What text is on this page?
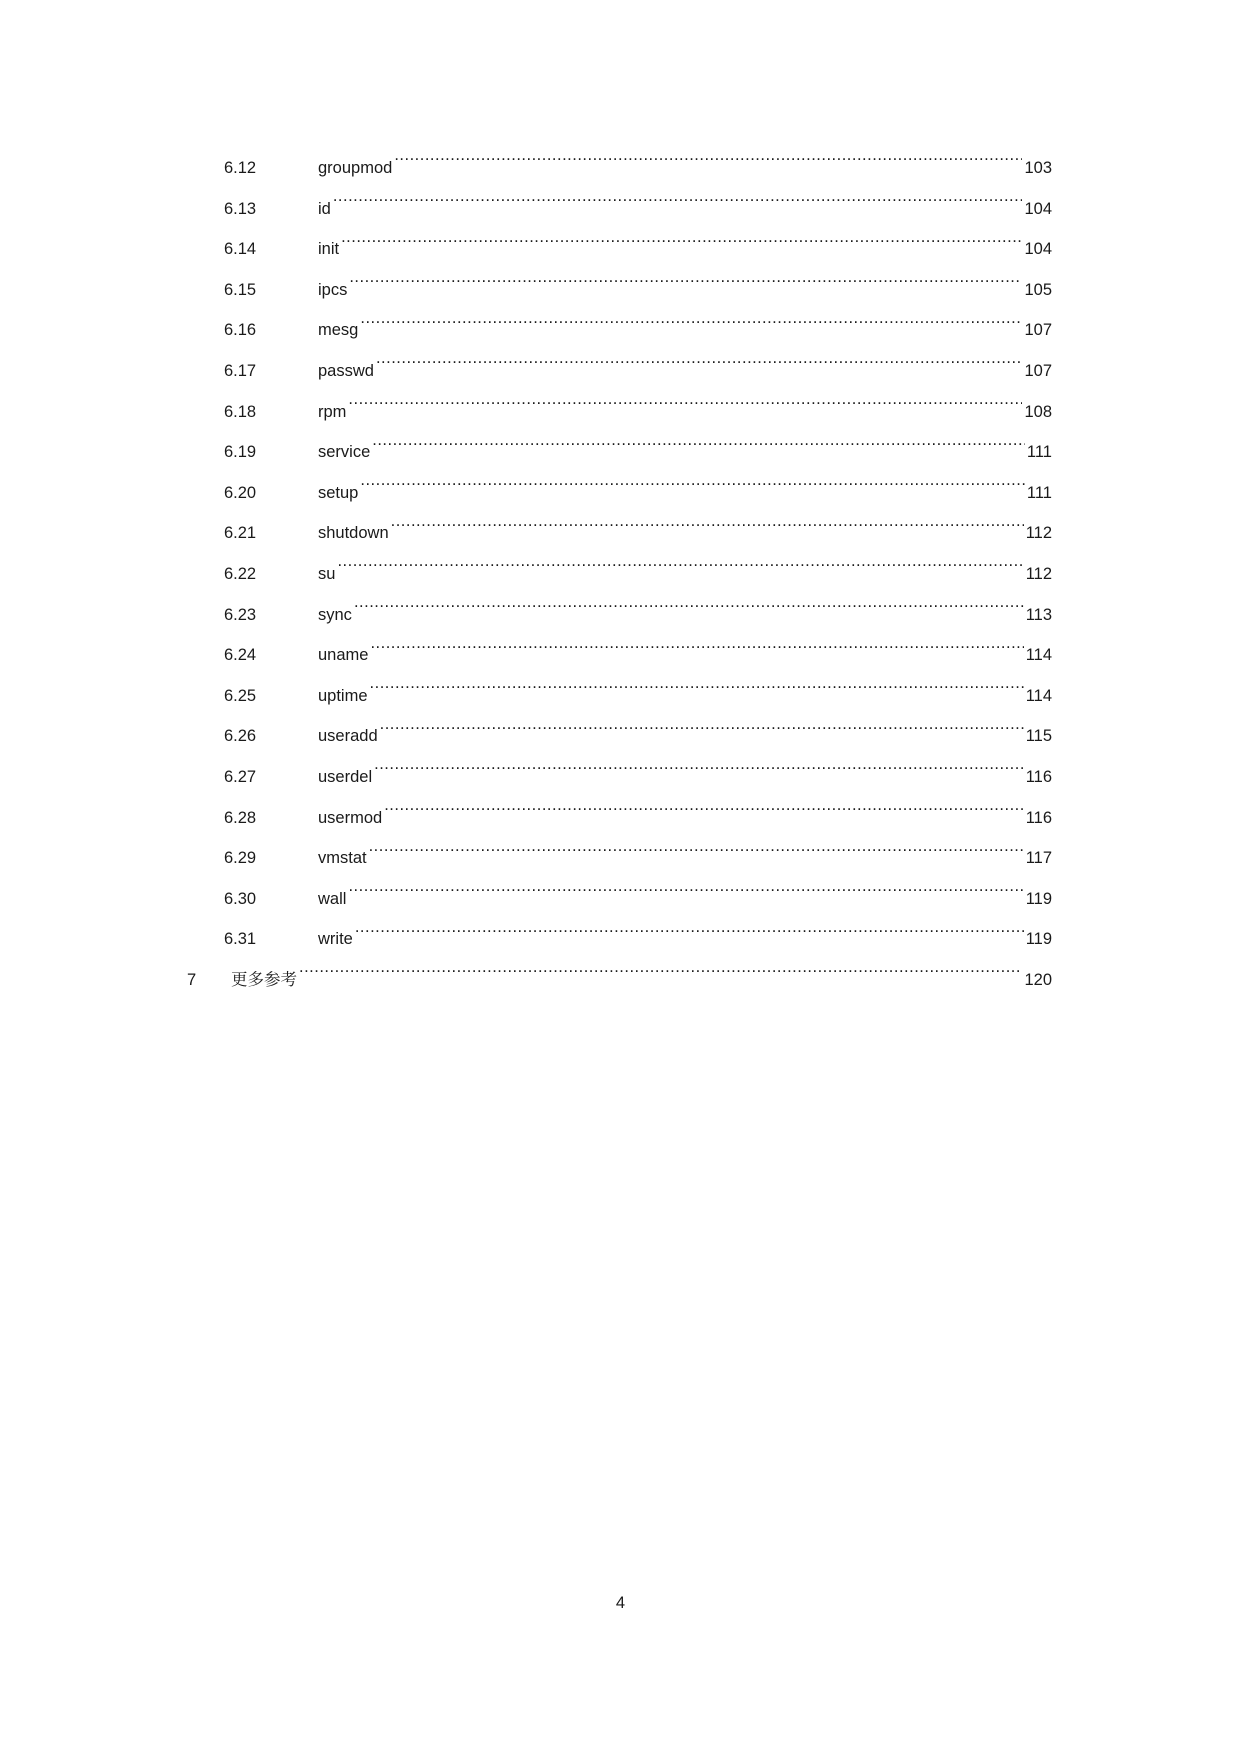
6.12	groupmod .....	103
6.13	id .....	104
6.14	init .....	104
6.15	ipcs .....	105
6.16	mesg .....	107
6.17	passwd .....	107
6.18	rpm .....	108
6.19	service .....	111
6.20	setup .....	111
6.21	shutdown .....	112
6.22	su .....	112
6.23	sync .....	113
6.24	uname .....	114
6.25	uptime .....	114
6.26	useradd .....	115
6.27	userdel .....	116
6.28	usermod .....	116
6.29	vmstat .....	117
6.30	wall .....	119
6.31	write .....	119
7 更多参考 .....	120
4
